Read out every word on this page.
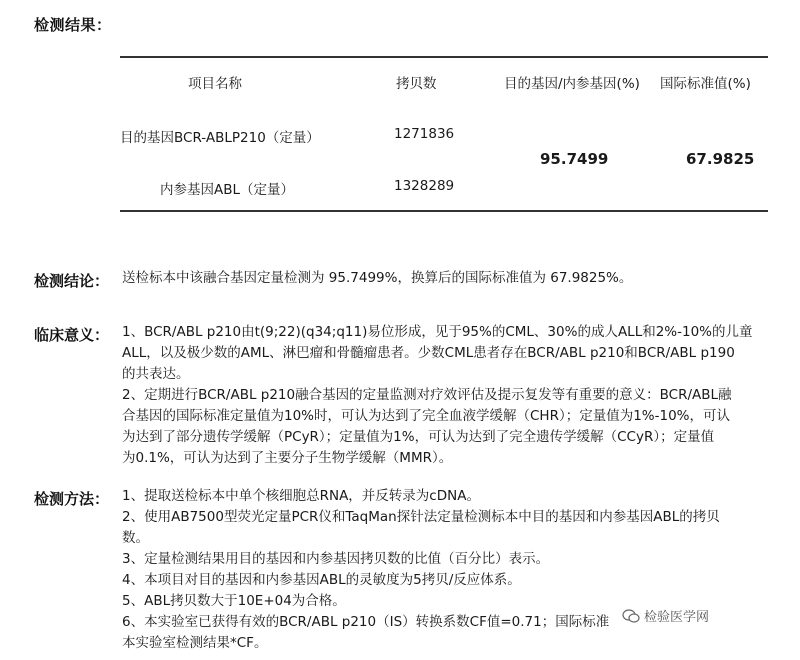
检测结果：
项目名称	拷贝数	目的基因/内参基因(%) 国际标准值(%)
目的基因BCR-ABLP210（定量）	1271836
内参基因ABL（定量）	1328289
95.7499	67.9825
检测结论： 送检标本中该融合基因定量检测为 95.7499%，换算后的国际标准值为 67.9825%。
临床意义： 1、BCR/ABL p210由t(9;22)(q34;q11)易位形成，见于95%的CML、30%的成人ALL和2%-10%的儿童
ALL，以及极少数的AML、淋巴瘤和骨髓瘤患者。少数CML患者存在BCR/ABL p210和BCR/ABL p190
的共表达。
2、定期进行BCR/ABL p210融合基因的定量监测对疗效评估及提示复发等有重要的意义：BCR/ABL融
合基因的国际标准定量值为10%时，可认为达到了完全血液学缓解（CHR）；定量值为1%-10%，可认
为达到了部分遗传学缓解（PCyR）；定量值为1%，可认为达到了完全遗传学缓解（CCyR）；定量值
为0.1%，可认为达到了主要分子生物学缓解（MMR）。
检测方法： 1、提取送检标本中单个核细胞总RNA，并反转录为cDNA。
2、使用AB7500型荧光定量PCR仪和TaqMan探针法定量检测标本中目的基因和内参基因ABL的拷贝
数。
3、定量检测结果用目的基因和内参基因拷贝数的比值（百分比）表示。
4、本项目对目的基因和内参基因ABL的灵敏度为5拷贝/反应体系。
5、ABL拷贝数大于10E+04为合格。
6、本实验室已获得有效的BCR/ABL p210（IS）转换系数CF值=0.71；国际标准
本实验室检测结果*CF。
检验医学网
